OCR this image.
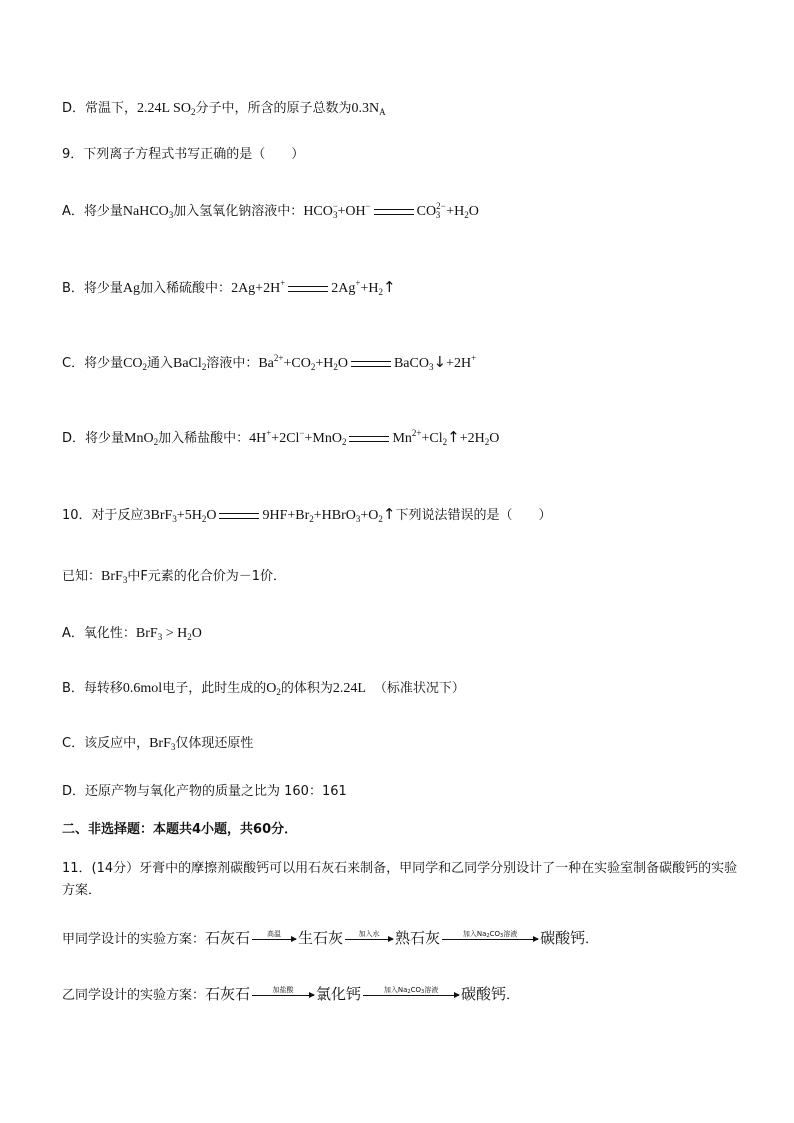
D．常温下，2.24L $SO_2$分子中，所含的原子总数为$0.3N_A$
9．下列离子方程式书写正确的是（　　）
A．将少量NaHCO$_3$加入氢氧化钠溶液中：$HCO^-_3+OH^-$	$CO^{2-}_3 +H_2O$
B．将少量Ag加入稀硫酸中：2Ag+2H+	$2Ag^++H_2↑$
C．将少量$CO_2$通入BaCl$_2$溶液中：$Ba^{2+}+CO_2+H_2O$	BaCO$_3$↓+2H+
D．将少量MnO$_2$加入稀盐酸中：4H++2Cl−+MnO$_2$	$Mn^{2+}+Cl_2↑+2H_2O$
10．对于反应$3BrF_3+5H_2O$	$9HF+Br_2+HBrO_3+O_2↑$下列说法错误的是（　　）
已知：BrF$_3$中F元素的化合价为－1价．
A．氧化性：$BrF_3 > H_2O$
B．每转移0.6mol电子，此时生成的$O_2$的体积为2.24L （标准状况下）
C．该反应中，BrF$_3$仅体现还原性
D．还原产物与氧化产物的质量之比为 160：161
二、非选择题：本题共4小题，共60分．
11．(14分）牙膏中的摩擦剂碳酸钙可以用石灰石来制备，甲同学和乙同学分别设计了一种在实验室制备碳酸钙的实验方案．
甲同学设计的实验方案：石灰石 高温 生石灰 加入水 熟石灰	加入$Na_2CO_3$溶液 碳酸钙．
乙同学设计的实验方案：石灰石	加盐酸 氯化钙	加入$Na_2CO_3$溶液 碳酸钙．
